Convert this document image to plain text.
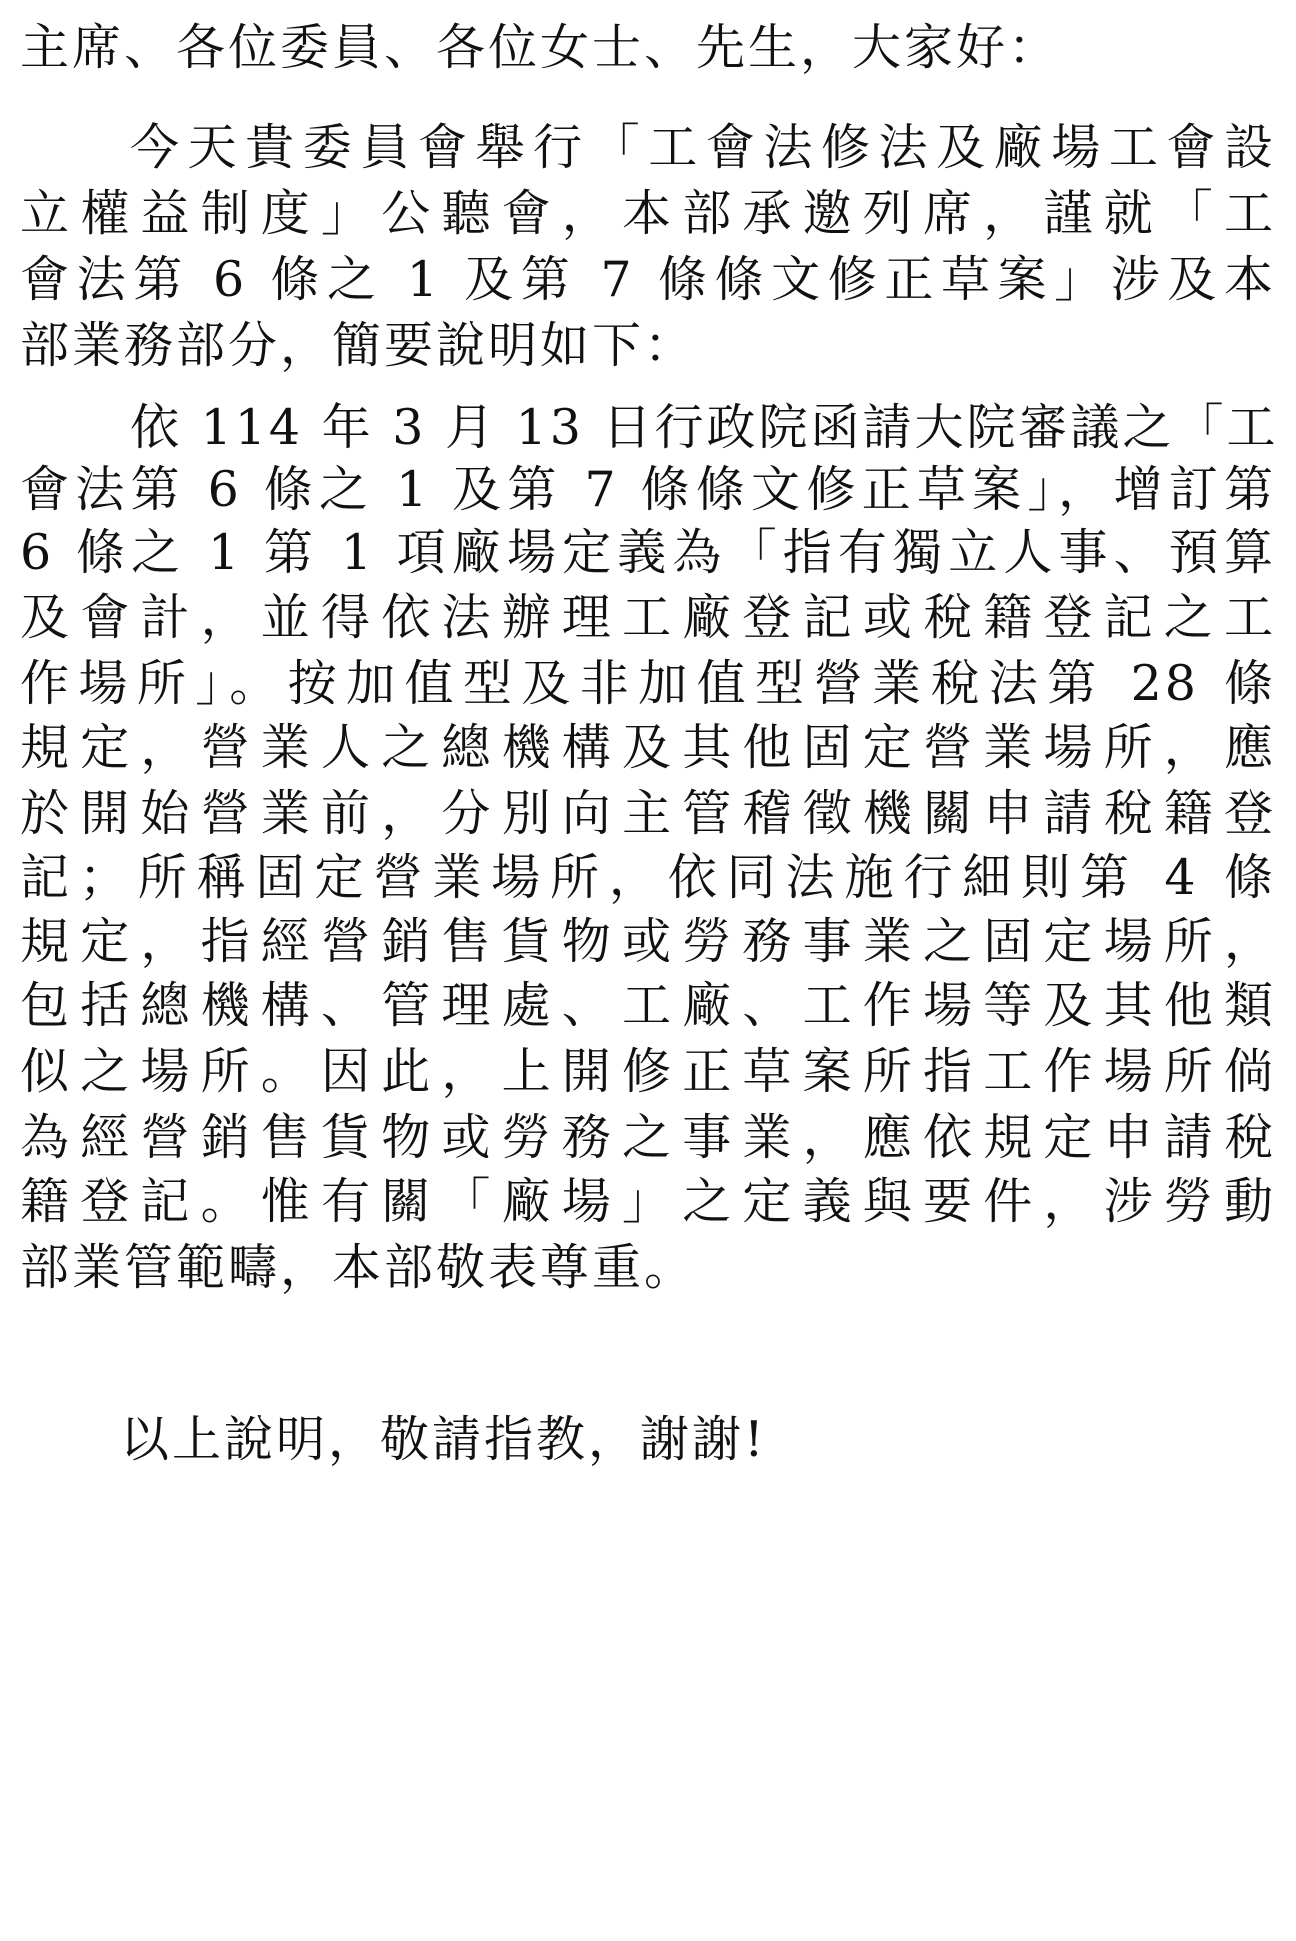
主席、各位委員、各位女士、先生，大家好：
今天貴委員會舉行「工會法修法及廠場工會設
立權益制度」公聽會，本部承邀列席，謹就「工
會法第 6 條之 1 及第 7 條條文修正草案」涉及本
部業務部分，簡要說明如下：
依 114 年 3 月 13 日行政院函請大院審議之「工
會法第 6 條之 1 及第 7 條條文修正草案」，增訂第
6 條之 1 第 1 項廠場定義為「指有獨立人事、預算
及會計，並得依法辦理工廠登記或稅籍登記之工
作場所」。按加值型及非加值型營業稅法第 28 條
規定，營業人之總機構及其他固定營業場所，應
於開始營業前，分別向主管稽徵機關申請稅籍登
記；所稱固定營業場所，依同法施行細則第 4 條
規定，指經營銷售貨物或勞務事業之固定場所，
包括總機構、管理處、工廠、工作場等及其他類
似之場所。因此，上開修正草案所指工作場所倘
為經營銷售貨物或勞務之事業，應依規定申請稅
籍登記。惟有關「廠場」之定義與要件，涉勞動
部業管範疇，本部敬表尊重。
以上說明，敬請指教，謝謝!
